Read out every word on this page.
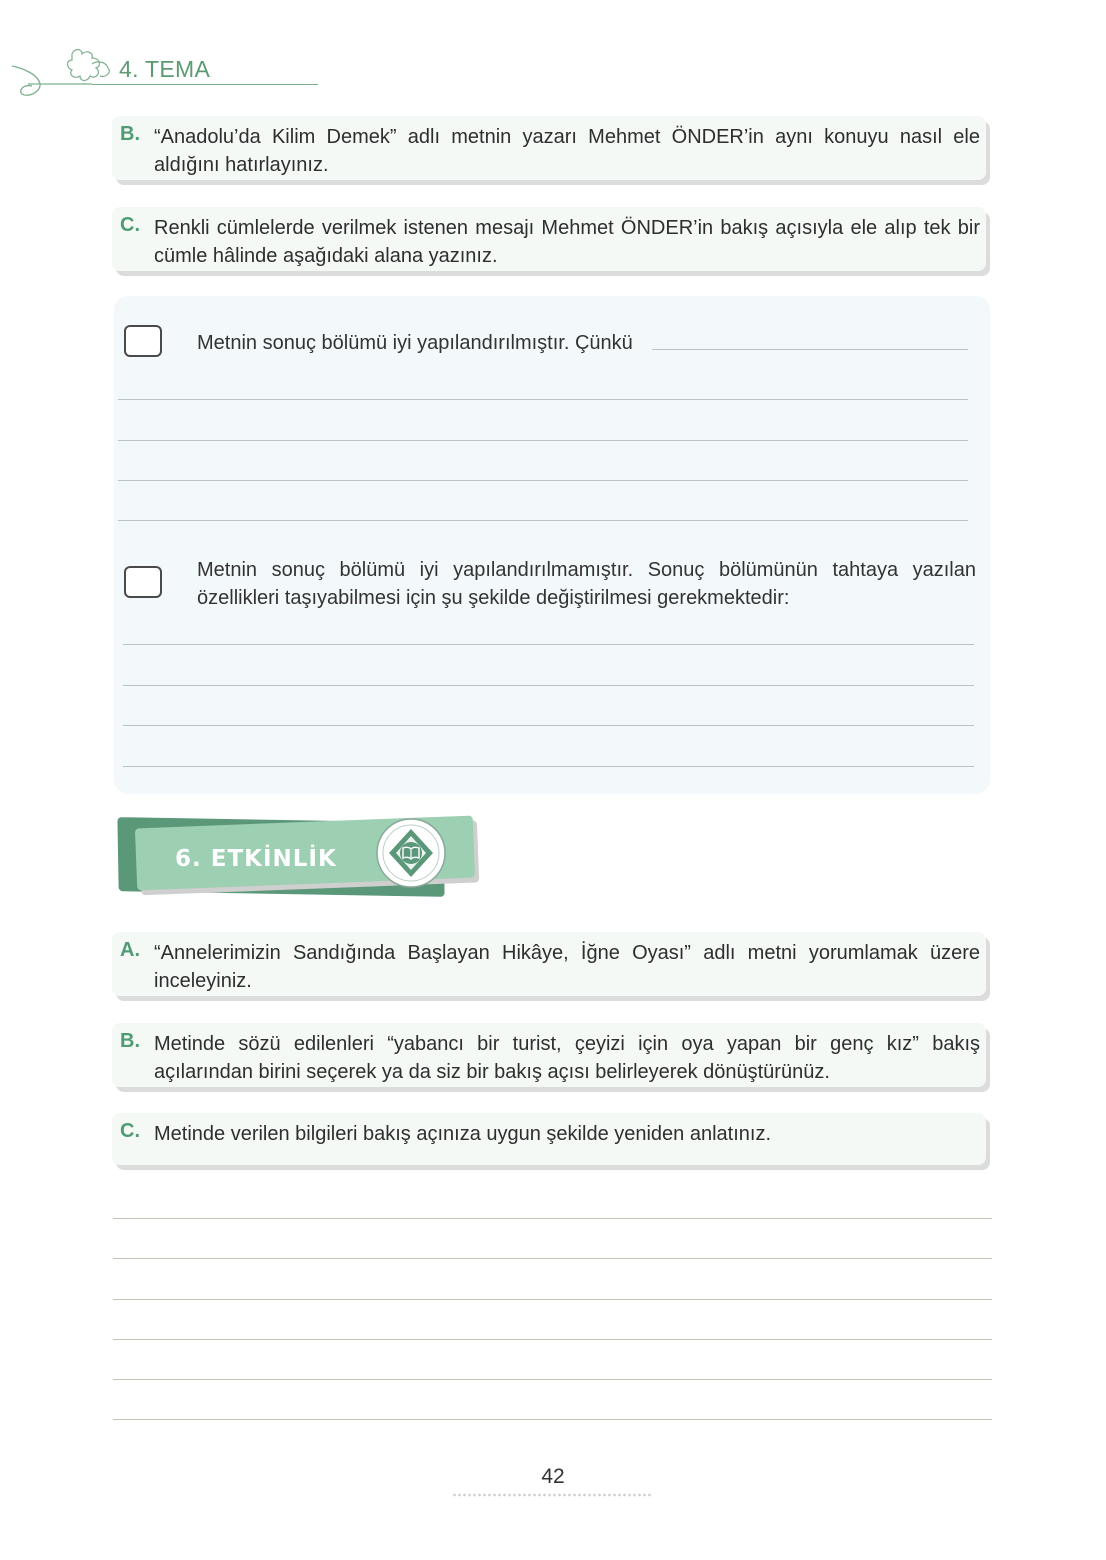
4. TEMA
B. “Anadolu’da Kilim Demek” adlı metnin yazarı Mehmet ÖNDER’in aynı konuyu nasıl ele aldığını hatırlayınız.
C. Renkli cümlelerde verilmek istenen mesajı Mehmet ÖNDER’in bakış açısıyla ele alıp tek bir cümle hâlinde aşağıdaki alana yazınız.
Metnin sonuç bölümü iyi yapılandırılmıştır. Çünkü
Metnin sonuç bölümü iyi yapılandırılmamıştır. Sonuç bölümünün tahtaya yazılan özellikleri taşıyabilmesi için şu şekilde değiştirilmesi gerekmektedir:
6. ETKİNLİK
A. “Annelerimizin Sandığında Başlayan Hikâye, İğne Oyası” adlı metni yorumlamak üzere inceleyiniz.
B. Metinde sözü edilenleri “yabancı bir turist, çeyizi için oya yapan bir genç kız” bakış açılarından birini seçerek ya da siz bir bakış açısı belirleyerek dönüştürünüz.
C. Metinde verilen bilgileri bakış açınıza uygun şekilde yeniden anlatınız.
42
